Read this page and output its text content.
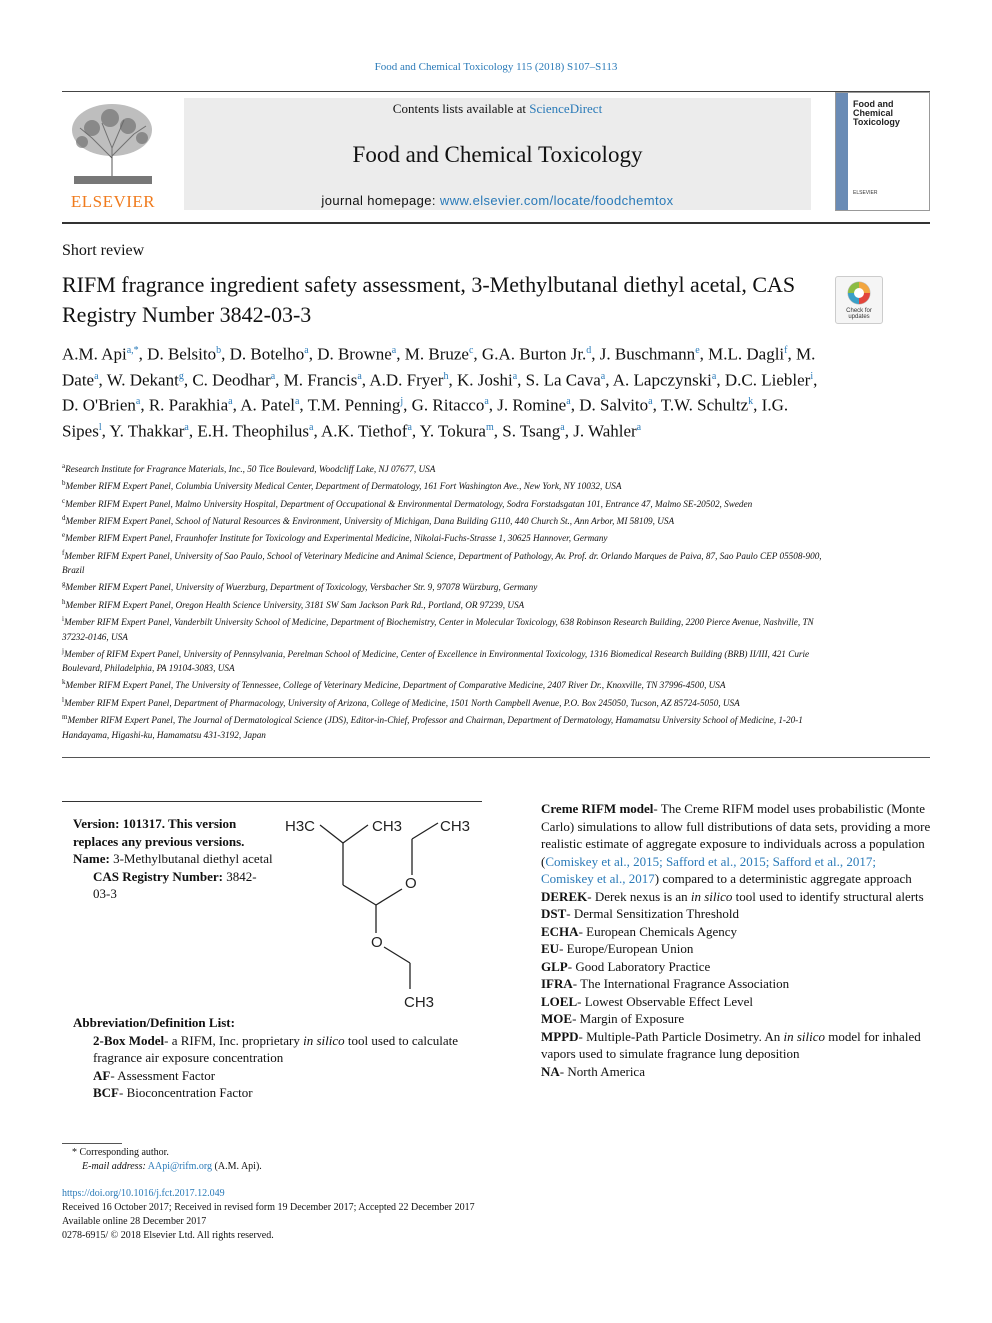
Food and Chemical Toxicology 115 (2018) S107–S113
ELSEVIER
Contents lists available at ScienceDirect
Food and Chemical Toxicology
journal homepage: www.elsevier.com/locate/foodchemtox
Food and Chemical Toxicology
ELSEVIER
Short review
RIFM fragrance ingredient safety assessment, 3-Methylbutanal diethyl acetal, CAS Registry Number 3842-03-3	Check for updates
A.M. Api$^{a,*}$, D. Belsito$^b$, D. Botelho$^a$, D. Browne$^a$, M. Bruze$^c$, G.A. Burton Jr.$^d$, J. Buschmann$^e$, M.L. Dagli$^f$, M. Date$^a$, W. Dekant$^g$, C. Deodhar$^a$, M. Francis$^a$, A.D. Fryer$^h$, K. Joshi$^a$, S. La Cava$^a$, A. Lapczynski$^a$, D.C. Liebler$^i$, D. O'Brien$^a$, R. Parakhia$^a$, A. Patel$^a$, T.M. Penning$^j$, G. Ritacco$^a$, J. Romine$^a$, D. Salvito$^a$, T.W. Schultz$^k$, I.G. Sipes$^l$, Y. Thakkar$^a$, E.H. Theophilus$^a$, A.K. Tiethof$^a$, Y. Tokura$^m$, S. Tsang$^a$, J. Wahler$^a$
$^a$Research Institute for Fragrance Materials, Inc., 50 Tice Boulevard, Woodcliff Lake, NJ 07677, USA
$^b$Member RIFM Expert Panel, Columbia University Medical Center, Department of Dermatology, 161 Fort Washington Ave., New York, NY 10032, USA
$^c$Member RIFM Expert Panel, Malmo University Hospital, Department of Occupational & Environmental Dermatology, Sodra Forstadsgatan 101, Entrance 47, Malmo SE-20502, Sweden
$^d$Member RIFM Expert Panel, School of Natural Resources & Environment, University of Michigan, Dana Building G110, 440 Church St., Ann Arbor, MI 58109, USA
$^e$Member RIFM Expert Panel, Fraunhofer Institute for Toxicology and Experimental Medicine, Nikolai-Fuchs-Strasse 1, 30625 Hannover, Germany
$^f$Member RIFM Expert Panel, University of Sao Paulo, School of Veterinary Medicine and Animal Science, Department of Pathology, Av. Prof. dr. Orlando Marques de Paiva, 87, Sao Paulo CEP 05508-900, Brazil
$^g$Member RIFM Expert Panel, University of Wuerzburg, Department of Toxicology, Versbacher Str. 9, 97078 Würzburg, Germany
$^h$Member RIFM Expert Panel, Oregon Health Science University, 3181 SW Sam Jackson Park Rd., Portland, OR 97239, USA
$^i$Member RIFM Expert Panel, Vanderbilt University School of Medicine, Department of Biochemistry, Center in Molecular Toxicology, 638 Robinson Research Building, 2200 Pierce Avenue, Nashville, TN 37232-0146, USA
$^j$Member of RIFM Expert Panel, University of Pennsylvania, Perelman School of Medicine, Center of Excellence in Environmental Toxicology, 1316 Biomedical Research Building (BRB) II/III, 421 Curie Boulevard, Philadelphia, PA 19104-3083, USA
$^k$Member RIFM Expert Panel, The University of Tennessee, College of Veterinary Medicine, Department of Comparative Medicine, 2407 River Dr., Knoxville, TN 37996-4500, USA
$^l$Member RIFM Expert Panel, Department of Pharmacology, University of Arizona, College of Medicine, 1501 North Campbell Avenue, P.O. Box 245050, Tucson, AZ 85724-5050, USA
$^m$Member RIFM Expert Panel, The Journal of Dermatological Science (JDS), Editor-in-Chief, Professor and Chairman, Department of Dermatology, Hamamatsu University School of Medicine, 1-20-1 Handayama, Higashi-ku, Hamamatsu 431-3192, Japan
Version: 101317. This version replaces any previous versions.
Name: 3-Methylbutanal diethyl acetal
CAS Registry Number: 3842-03-3
H3C	CH3	CH3
O
O
CH3
Abbreviation/Definition List:
2-Box Model- a RIFM, Inc. proprietary in silico tool used to calculate fragrance air exposure concentration
AF- Assessment Factor
BCF- Bioconcentration Factor
Creme RIFM model- The Creme RIFM model uses probabilistic (Monte Carlo) simulations to allow full distributions of data sets, providing a more realistic estimate of aggregate exposure to individuals across a population (Comiskey et al., 2015; Safford et al., 2015; Safford et al., 2017; Comiskey et al., 2017) compared to a deterministic aggregate approach
DEREK- Derek nexus is an in silico tool used to identify structural alerts
DST- Dermal Sensitization Threshold
ECHA- European Chemicals Agency
EU- Europe/European Union
GLP- Good Laboratory Practice
IFRA- The International Fragrance Association
LOEL- Lowest Observable Effect Level
MOE- Margin of Exposure
MPPD- Multiple-Path Particle Dosimetry. An in silico model for inhaled vapors used to simulate fragrance lung deposition
NA- North America
* Corresponding author.
E-mail address: AApi@rifm.org (A.M. Api).
https://doi.org/10.1016/j.fct.2017.12.049
Received 16 October 2017; Received in revised form 19 December 2017; Accepted 22 December 2017
Available online 28 December 2017
0278-6915/ © 2018 Elsevier Ltd. All rights reserved.
